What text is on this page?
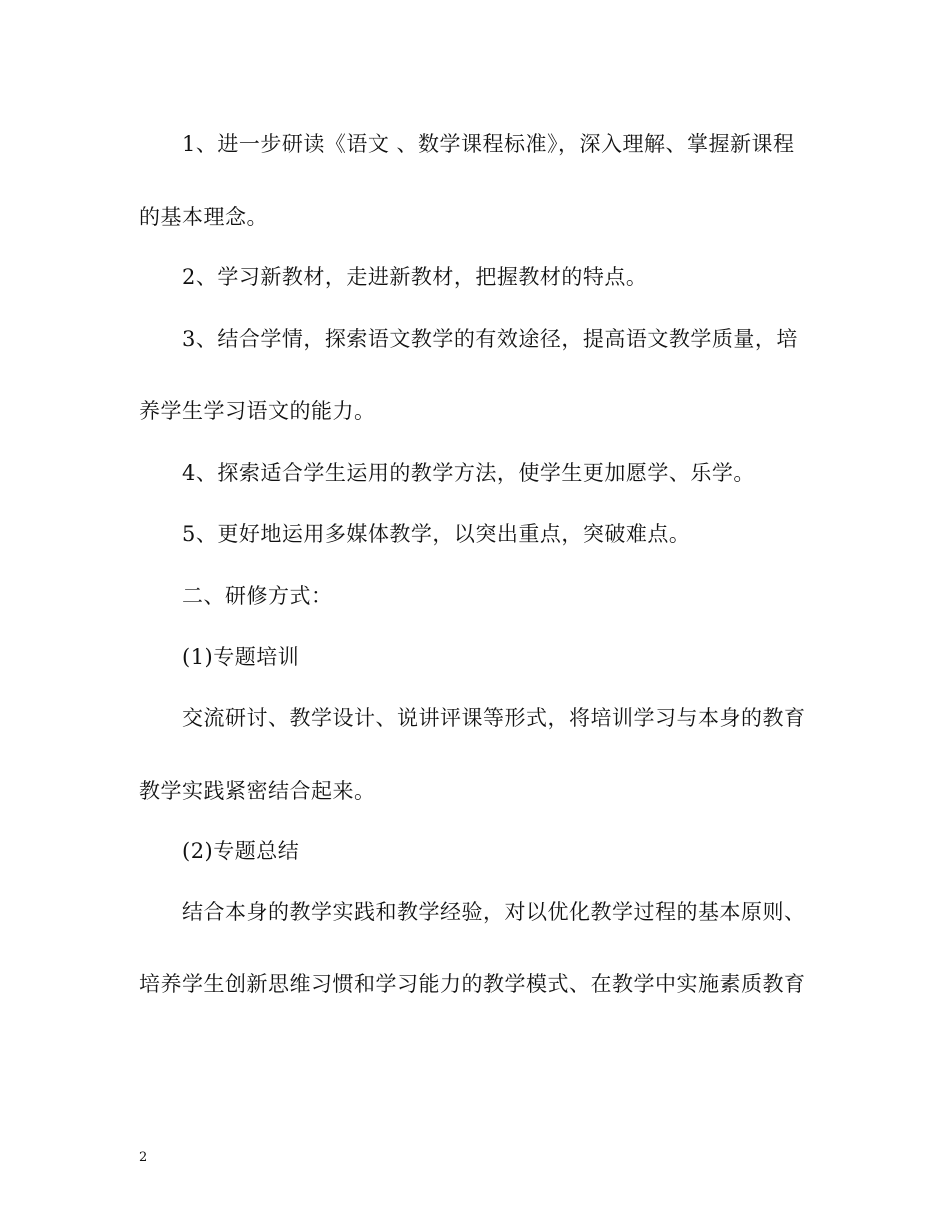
1、进一步研读《语文 、数学课程标准》，深入理解、掌握新课程
的基本理念。
2、学习新教材，走进新教材，把握教材的特点。
3、结合学情，探索语文教学的有效途径，提高语文教学质量，培
养学生学习语文的能力。
4、探索适合学生运用的教学方法，使学生更加愿学、乐学。
5、更好地运用多媒体教学，以突出重点，突破难点。
二、研修方式：
(1)专题培训
交流研讨、教学设计、说讲评课等形式，将培训学习与本身的教育
教学实践紧密结合起来。
(2)专题总结
结合本身的教学实践和教学经验，对以优化教学过程的基本原则、
培养学生创新思维习惯和学习能力的教学模式、在教学中实施素质教育
2
